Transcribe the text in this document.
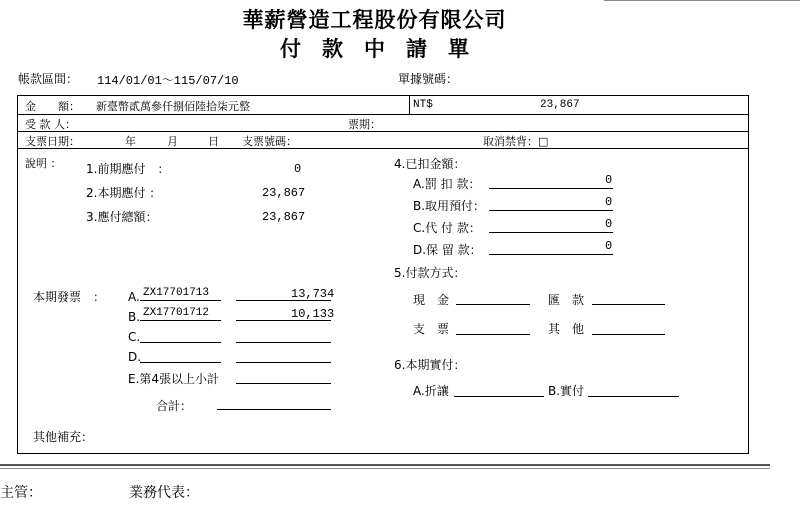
華薪營造工程股份有限公司
付　款　中　請　單
帳款區間： 114/01/01～115/07/10	單據號碼：
金　　額： 新臺幣貳萬參仟捌佰陸拾柒元整	NT$	23,867
受 款 人：	票期：
支票日期：	年	月	日 支票號碼：	取消禁背：□
說明 ： 1.前期應付　：	0
2.本期應付 ：	23,867
3.應付總額：	23,867
4.已扣金額：
A.罰 扣 款：	0
B.取用預付：	0
C.代 付 款：	0
D.保 留 款：	0
5.付款方式：
現　金	匯　款
支　票	其　他
6.本期實付：
A.折讓	B.實付
本期發票　： A. ZX17701713	13,734
B. ZX17701712	10,133
C.
D.
E.第4張以上小計
合計：
其他補充：
主管：	業務代表：
